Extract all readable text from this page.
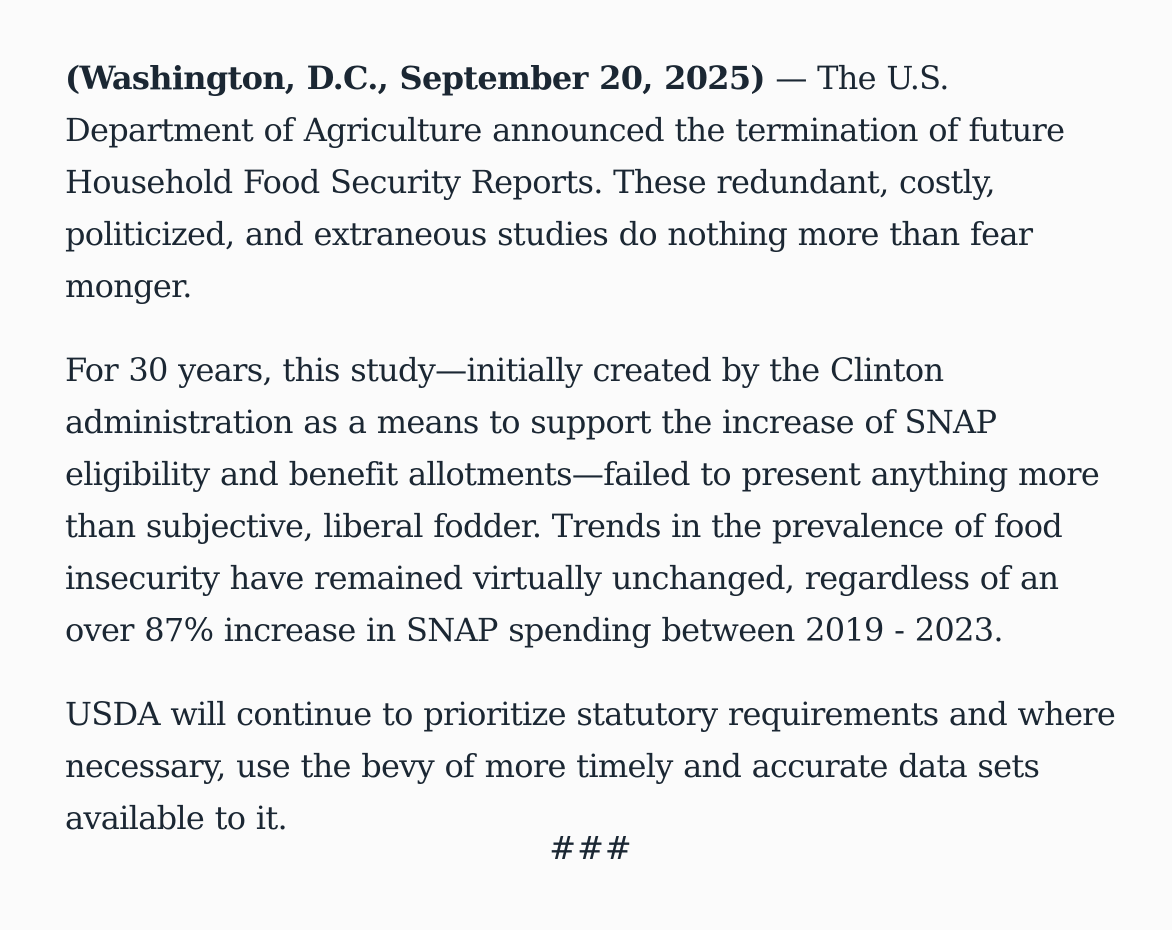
(Washington, D.C., September 20, 2025) — The U.S. Department of Agriculture announced the termination of future Household Food Security Reports. These redundant, costly, politicized, and extraneous studies do nothing more than fear monger.

For 30 years, this study—initially created by the Clinton administration as a means to support the increase of SNAP eligibility and benefit allotments—failed to present anything more than subjective, liberal fodder. Trends in the prevalence of food insecurity have remained virtually unchanged, regardless of an over 87% increase in SNAP spending between 2019 - 2023.

USDA will continue to prioritize statutory requirements and where necessary, use the bevy of more timely and accurate data sets available to it.

###
